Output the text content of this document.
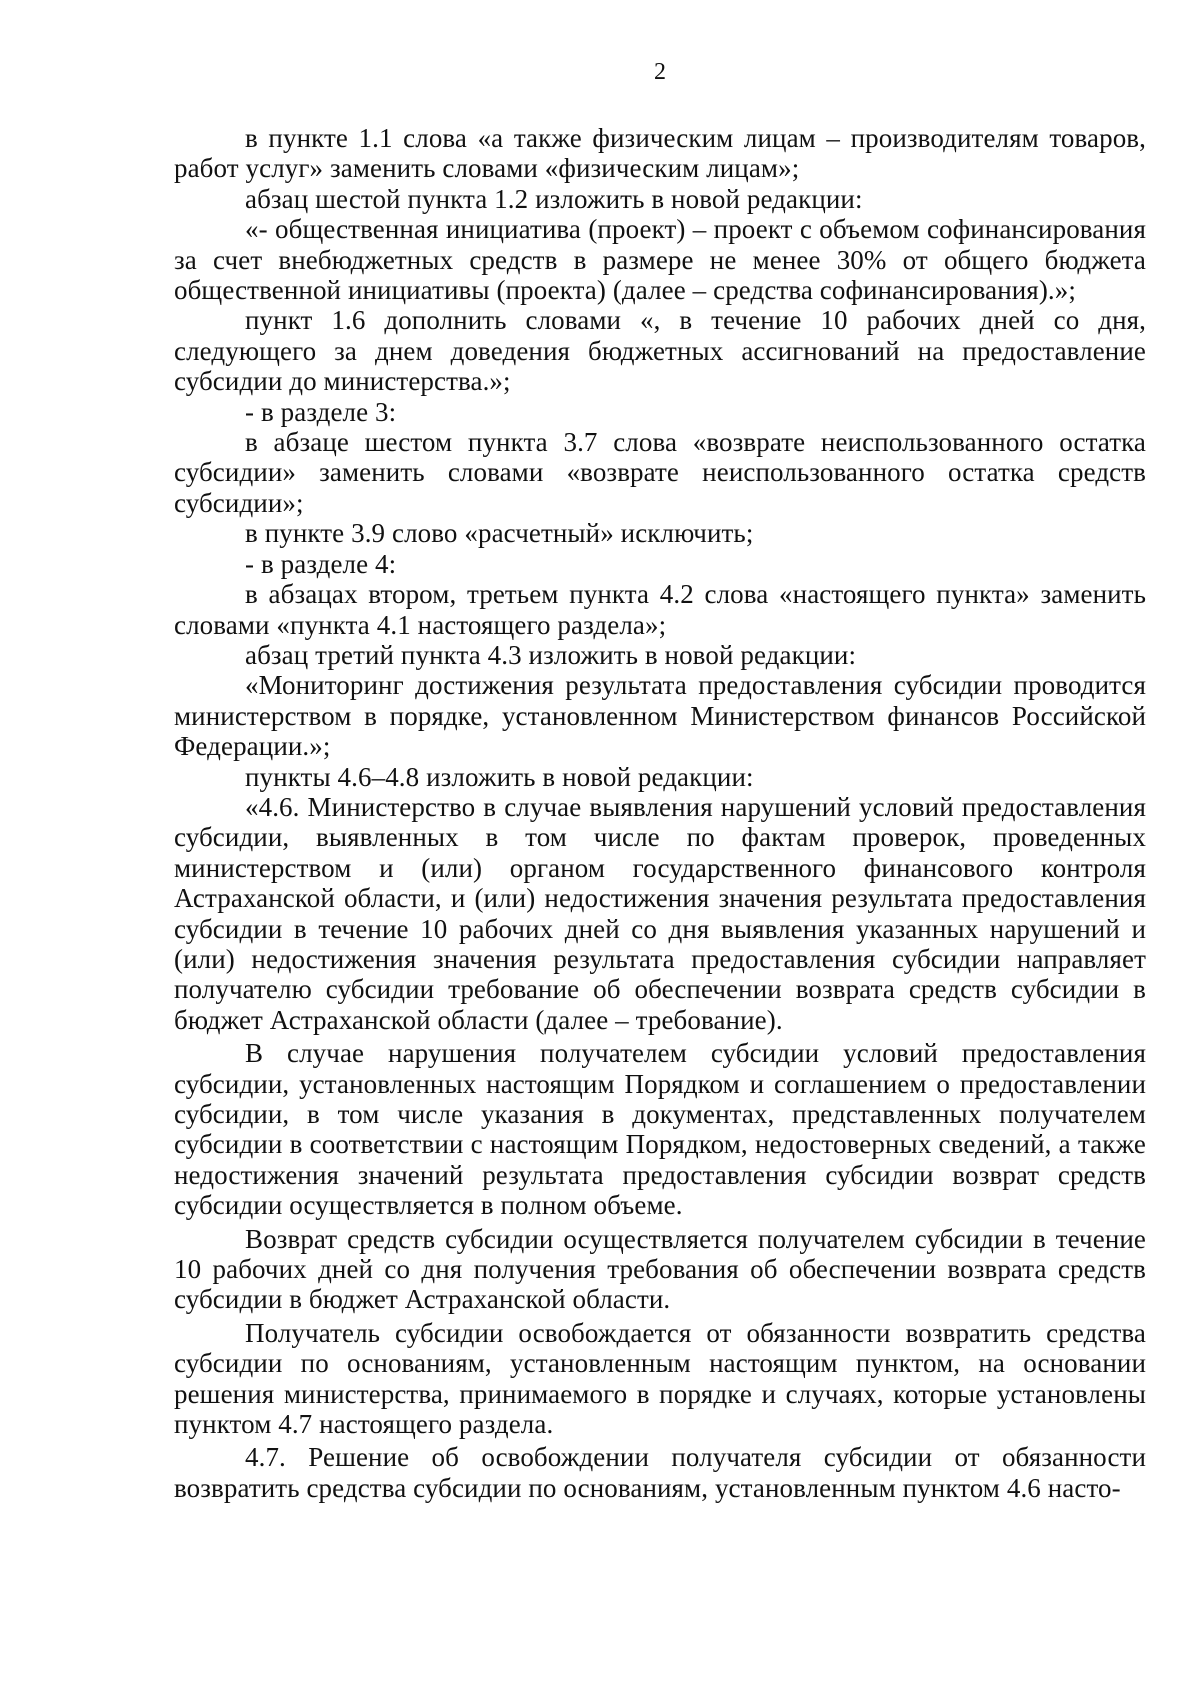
2

в пункте 1.1 слова «а также физическим лицам – производителям товаров, работ услуг» заменить словами «физическим лицам»;

абзац шестой пункта 1.2 изложить в новой редакции:

«- общественная инициатива (проект) – проект с объемом софинансирования за счет внебюджетных средств в размере не менее 30% от общего бюджета общественной инициативы (проекта) (далее – средства софинансирования).»;

пункт 1.6 дополнить словами «, в течение 10 рабочих дней со дня, следующего за днем доведения бюджетных ассигнований на предоставление субсидии до министерства.»;

- в разделе 3:

в абзаце шестом пункта 3.7 слова «возврате неиспользованного остатка субсидии» заменить словами «возврате неиспользованного остатка средств субсидии»;

в пункте 3.9 слово «расчетный» исключить;

- в разделе 4:

в абзацах втором, третьем пункта 4.2 слова «настоящего пункта» заменить словами «пункта 4.1 настоящего раздела»;

абзац третий пункта 4.3 изложить в новой редакции:

«Мониторинг достижения результата предоставления субсидии проводится министерством в порядке, установленном Министерством финансов Российской Федерации.»;

пункты 4.6–4.8 изложить в новой редакции:

«4.6. Министерство в случае выявления нарушений условий предоставления субсидии, выявленных в том числе по фактам проверок, проведенных министерством и (или) органом государственного финансового контроля Астраханской области, и (или) недостижения значения результата предоставления субсидии в течение 10 рабочих дней со дня выявления указанных нарушений и (или) недостижения значения результата предоставления субсидии направляет получателю субсидии требование об обеспечении возврата средств субсидии в бюджет Астраханской области (далее – требование).

В случае нарушения получателем субсидии условий предоставления субсидии, установленных настоящим Порядком и соглашением о предоставлении субсидии, в том числе указания в документах, представленных получателем субсидии в соответствии с настоящим Порядком, недостоверных сведений, а также недостижения значений результата предоставления субсидии возврат средств субсидии осуществляется в полном объеме.

Возврат средств субсидии осуществляется получателем субсидии в течение 10 рабочих дней со дня получения требования об обеспечении возврата средств субсидии в бюджет Астраханской области.

Получатель субсидии освобождается от обязанности возвратить средства субсидии по основаниям, установленным настоящим пунктом, на основании решения министерства, принимаемого в порядке и случаях, которые установлены пунктом 4.7 настоящего раздела.

4.7. Решение об освобождении получателя субсидии от обязанности возвратить средства субсидии по основаниям, установленным пунктом 4.6 насто-
